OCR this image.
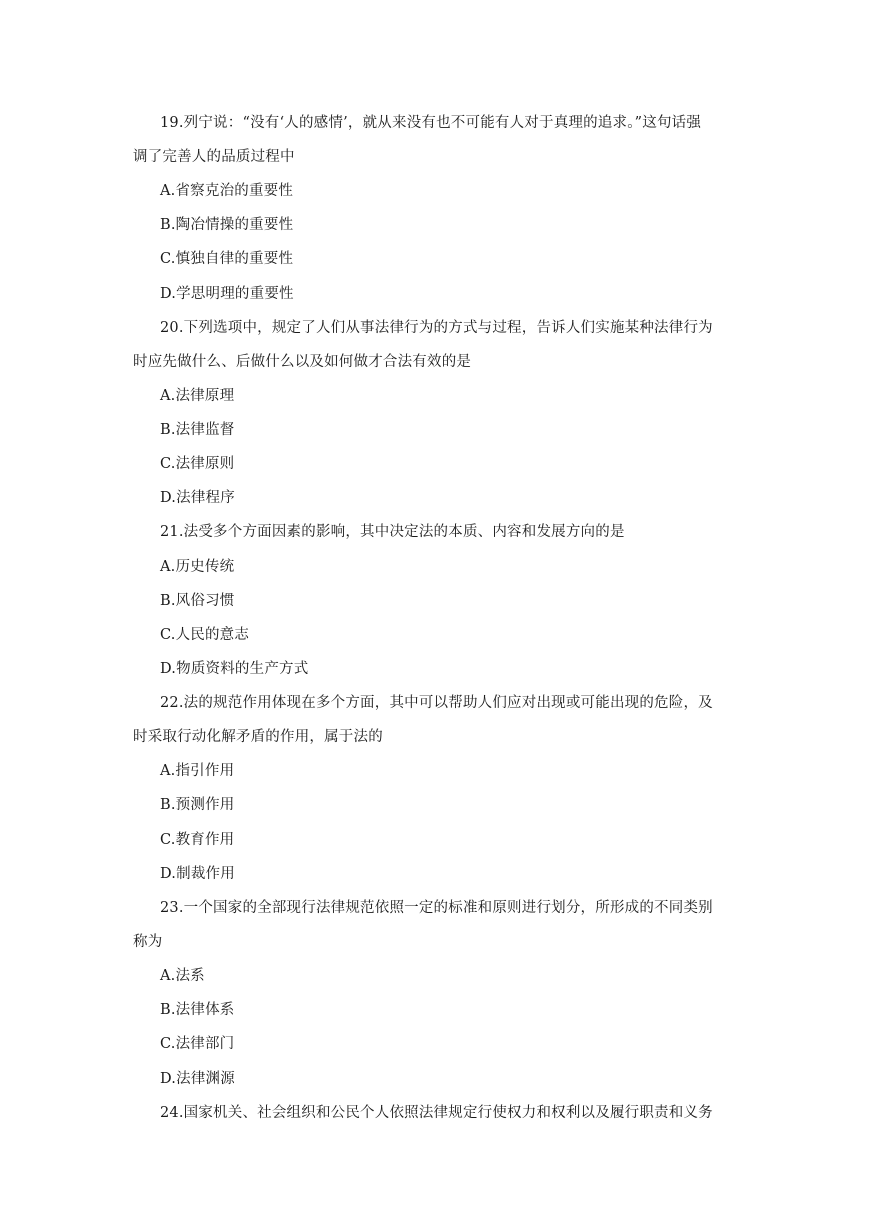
19.列宁说：“没有‘人的感情’，就从来没有也不可能有人对于真理的追求。”这句话强
调了完善人的品质过程中
A.省察克治的重要性
B.陶冶情操的重要性
C.慎独自律的重要性
D.学思明理的重要性
20.下列选项中，规定了人们从事法律行为的方式与过程，告诉人们实施某种法律行为
时应先做什么、后做什么以及如何做才合法有效的是
A.法律原理
B.法律监督
C.法律原则
D.法律程序
21.法受多个方面因素的影响，其中决定法的本质、内容和发展方向的是
A.历史传统
B.风俗习惯
C.人民的意志
D.物质资料的生产方式
22.法的规范作用体现在多个方面，其中可以帮助人们应对出现或可能出现的危险，及
时采取行动化解矛盾的作用，属于法的
A.指引作用
B.预测作用
C.教育作用
D.制裁作用
23.一个国家的全部现行法律规范依照一定的标准和原则进行划分，所形成的不同类别
称为
A.法系
B.法律体系
C.法律部门
D.法律渊源
24.国家机关、社会组织和公民个人依照法律规定行使权力和权利以及履行职责和义务
